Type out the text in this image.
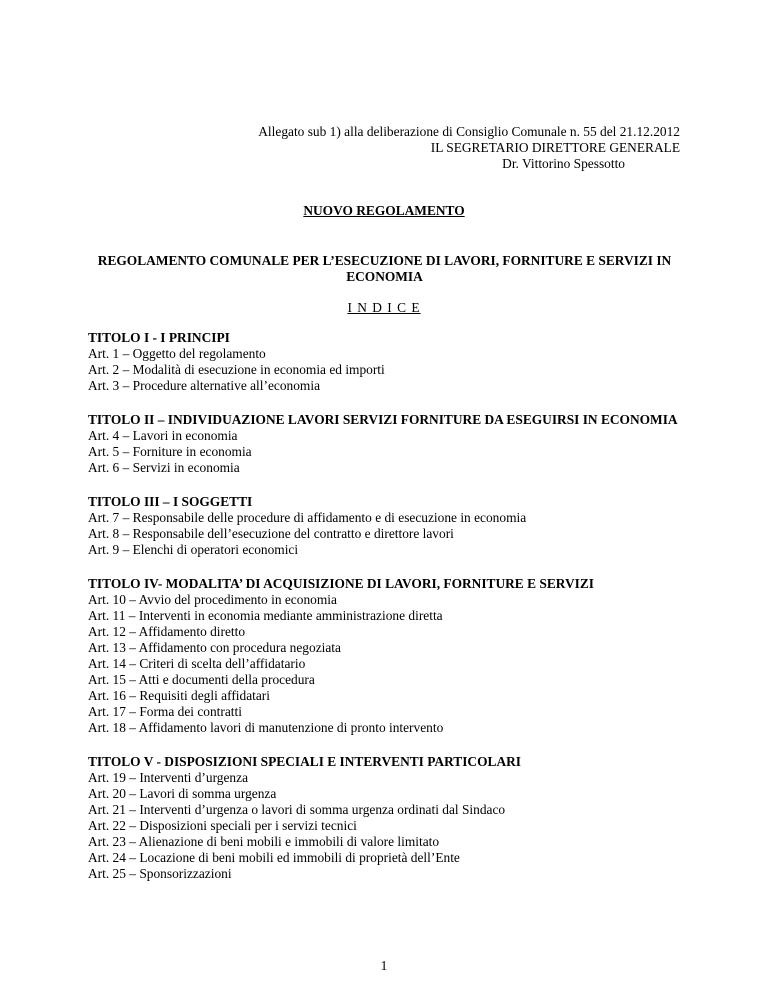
Allegato sub 1) alla deliberazione di Consiglio Comunale n. 55 del 21.12.2012
IL SEGRETARIO DIRETTORE GENERALE
Dr. Vittorino Spessotto
NUOVO REGOLAMENTO
REGOLAMENTO COMUNALE PER L’ESECUZIONE DI LAVORI, FORNITURE E SERVIZI IN ECONOMIA
I N D I C E
TITOLO I - I PRINCIPI
Art. 1 – Oggetto del regolamento
Art. 2 – Modalità di esecuzione in economia ed importi
Art. 3 – Procedure alternative all’economia
TITOLO II – INDIVIDUAZIONE LAVORI SERVIZI FORNITURE DA ESEGUIRSI IN ECONOMIA
Art. 4 – Lavori in economia
Art. 5 – Forniture in economia
Art. 6 – Servizi in economia
TITOLO III – I SOGGETTI
Art. 7 – Responsabile delle procedure di affidamento e di esecuzione in economia
Art. 8 – Responsabile dell’esecuzione del contratto e direttore lavori
Art. 9 – Elenchi di operatori economici
TITOLO IV- MODALITA’ DI ACQUISIZIONE DI LAVORI, FORNITURE E SERVIZI
Art. 10 – Avvio del procedimento in economia
Art. 11 – Interventi in economia mediante amministrazione diretta
Art. 12 – Affidamento diretto
Art. 13 – Affidamento con procedura negoziata
Art. 14 – Criteri di scelta dell’affidatario
Art. 15 – Atti e documenti della procedura
Art. 16 – Requisiti degli affidatari
Art. 17 – Forma dei contratti
Art. 18 – Affidamento lavori di manutenzione di pronto intervento
TITOLO V - DISPOSIZIONI SPECIALI E INTERVENTI PARTICOLARI
Art. 19 – Interventi d’urgenza
Art. 20 – Lavori di somma urgenza
Art. 21 – Interventi d’urgenza o lavori di somma urgenza ordinati dal Sindaco
Art. 22 – Disposizioni speciali per i servizi tecnici
Art. 23 – Alienazione di beni mobili e immobili di valore limitato
Art. 24 – Locazione di beni mobili ed immobili di proprietà dell’Ente
Art. 25 – Sponsorizzazioni
1
